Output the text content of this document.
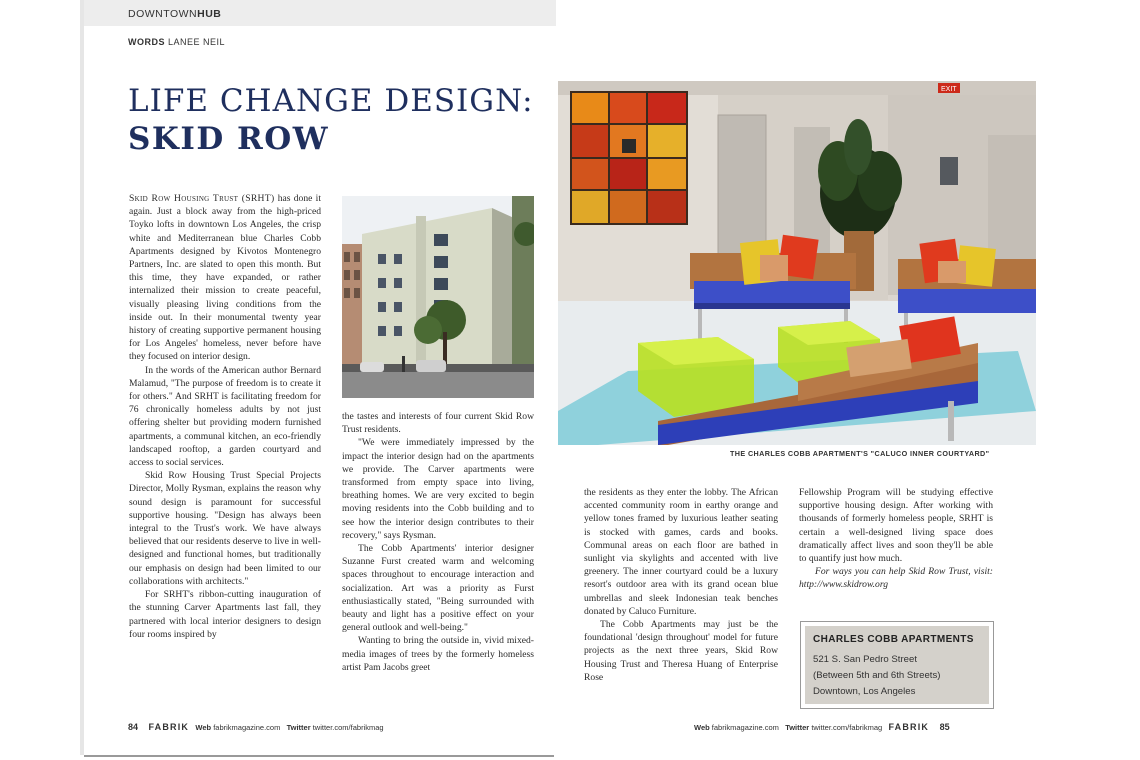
DOWNTOWNHUB
WORDS LANEE NEIL
LIFE CHANGE DESIGN:
SKID ROW

Skid Row Housing Trust (SRHT) has done it again. Just a block away from the high-priced Toyko lofts in downtown Los Angeles, the crisp white and Mediterranean blue Charles Cobb Apartments designed by Kivotos Montenegro Partners, Inc. are slated to open this month. But this time, they have expanded, or rather internalized their mission to create peaceful, visually pleasing living conditions from the inside out. In their monumental twenty year history of creating supportive permanent housing for Los Angeles' homeless, never before have they focused on interior design.

In the words of the American author Bernard Malamud, "The purpose of freedom is to create it for others." And SRHT is facilitating freedom for 76 chronically homeless adults by not just offering shelter but providing modern furnished apartments, a communal kitchen, an eco-friendly landscaped rooftop, a garden courtyard and access to social services.

Skid Row Housing Trust Special Projects Director, Molly Rysman, explains the reason why sound design is paramount for successful supportive housing. "Design has always been integral to the Trust's work. We have always believed that our residents deserve to live in well-designed and functional homes, but traditionally our emphasis on design had been limited to our collaborations with architects."

For SRHT's ribbon-cutting inauguration of the stunning Carver Apartments last fall, they partnered with local interior designers to design four rooms inspired by

the tastes and interests of four current Skid Row Trust residents.

"We were immediately impressed by the impact the interior design had on the apartments we provide. The Carver apartments were transformed from empty space into living, breathing homes. We are very excited to begin moving residents into the Cobb building and to see how the interior design contributes to their recovery," says Rysman.

The Cobb Apartments' interior designer Suzanne Furst created warm and welcoming spaces throughout to encourage interaction and socialization. Art was a priority as Furst enthusiastically stated, "Being surrounded with beauty and light has a positive effect on your general outlook and well-being."

Wanting to bring the outside in, vivid mixed-media images of trees by the formerly homeless artist Pam Jacobs greet

EXIT
THE CHARLES COBB APARTMENT'S "CALUCO INNER COURTYARD"

the residents as they enter the lobby. The African accented community room in earthy orange and yellow tones framed by luxurious leather seating is stocked with games, cards and books. Communal areas on each floor are bathed in sunlight via skylights and accented with live greenery. The inner courtyard could be a luxury resort's outdoor area with its grand ocean blue umbrellas and sleek Indonesian teak benches donated by Caluco Furniture.

The Cobb Apartments may just be the foundational 'design throughout' model for future projects as the next three years, Skid Row Housing Trust and Theresa Huang of Enterprise Rose

Fellowship Program will be studying effective supportive housing design. After working with thousands of formerly homeless people, SRHT is certain a well-designed living space does dramatically affect lives and soon they'll be able to quantify just how much.

For ways you can help Skid Row Trust, visit: http://www.skidrow.org

CHARLES COBB APARTMENTS
521 S. San Pedro Street
(Between 5th and 6th Streets)
Downtown, Los Angeles
84 FABRIK Web fabrikmagazine.com Twitter twitter.com/fabrikmag	Web fabrikmagazine.com Twitter twitter.com/fabrikmag FABRIK 85
